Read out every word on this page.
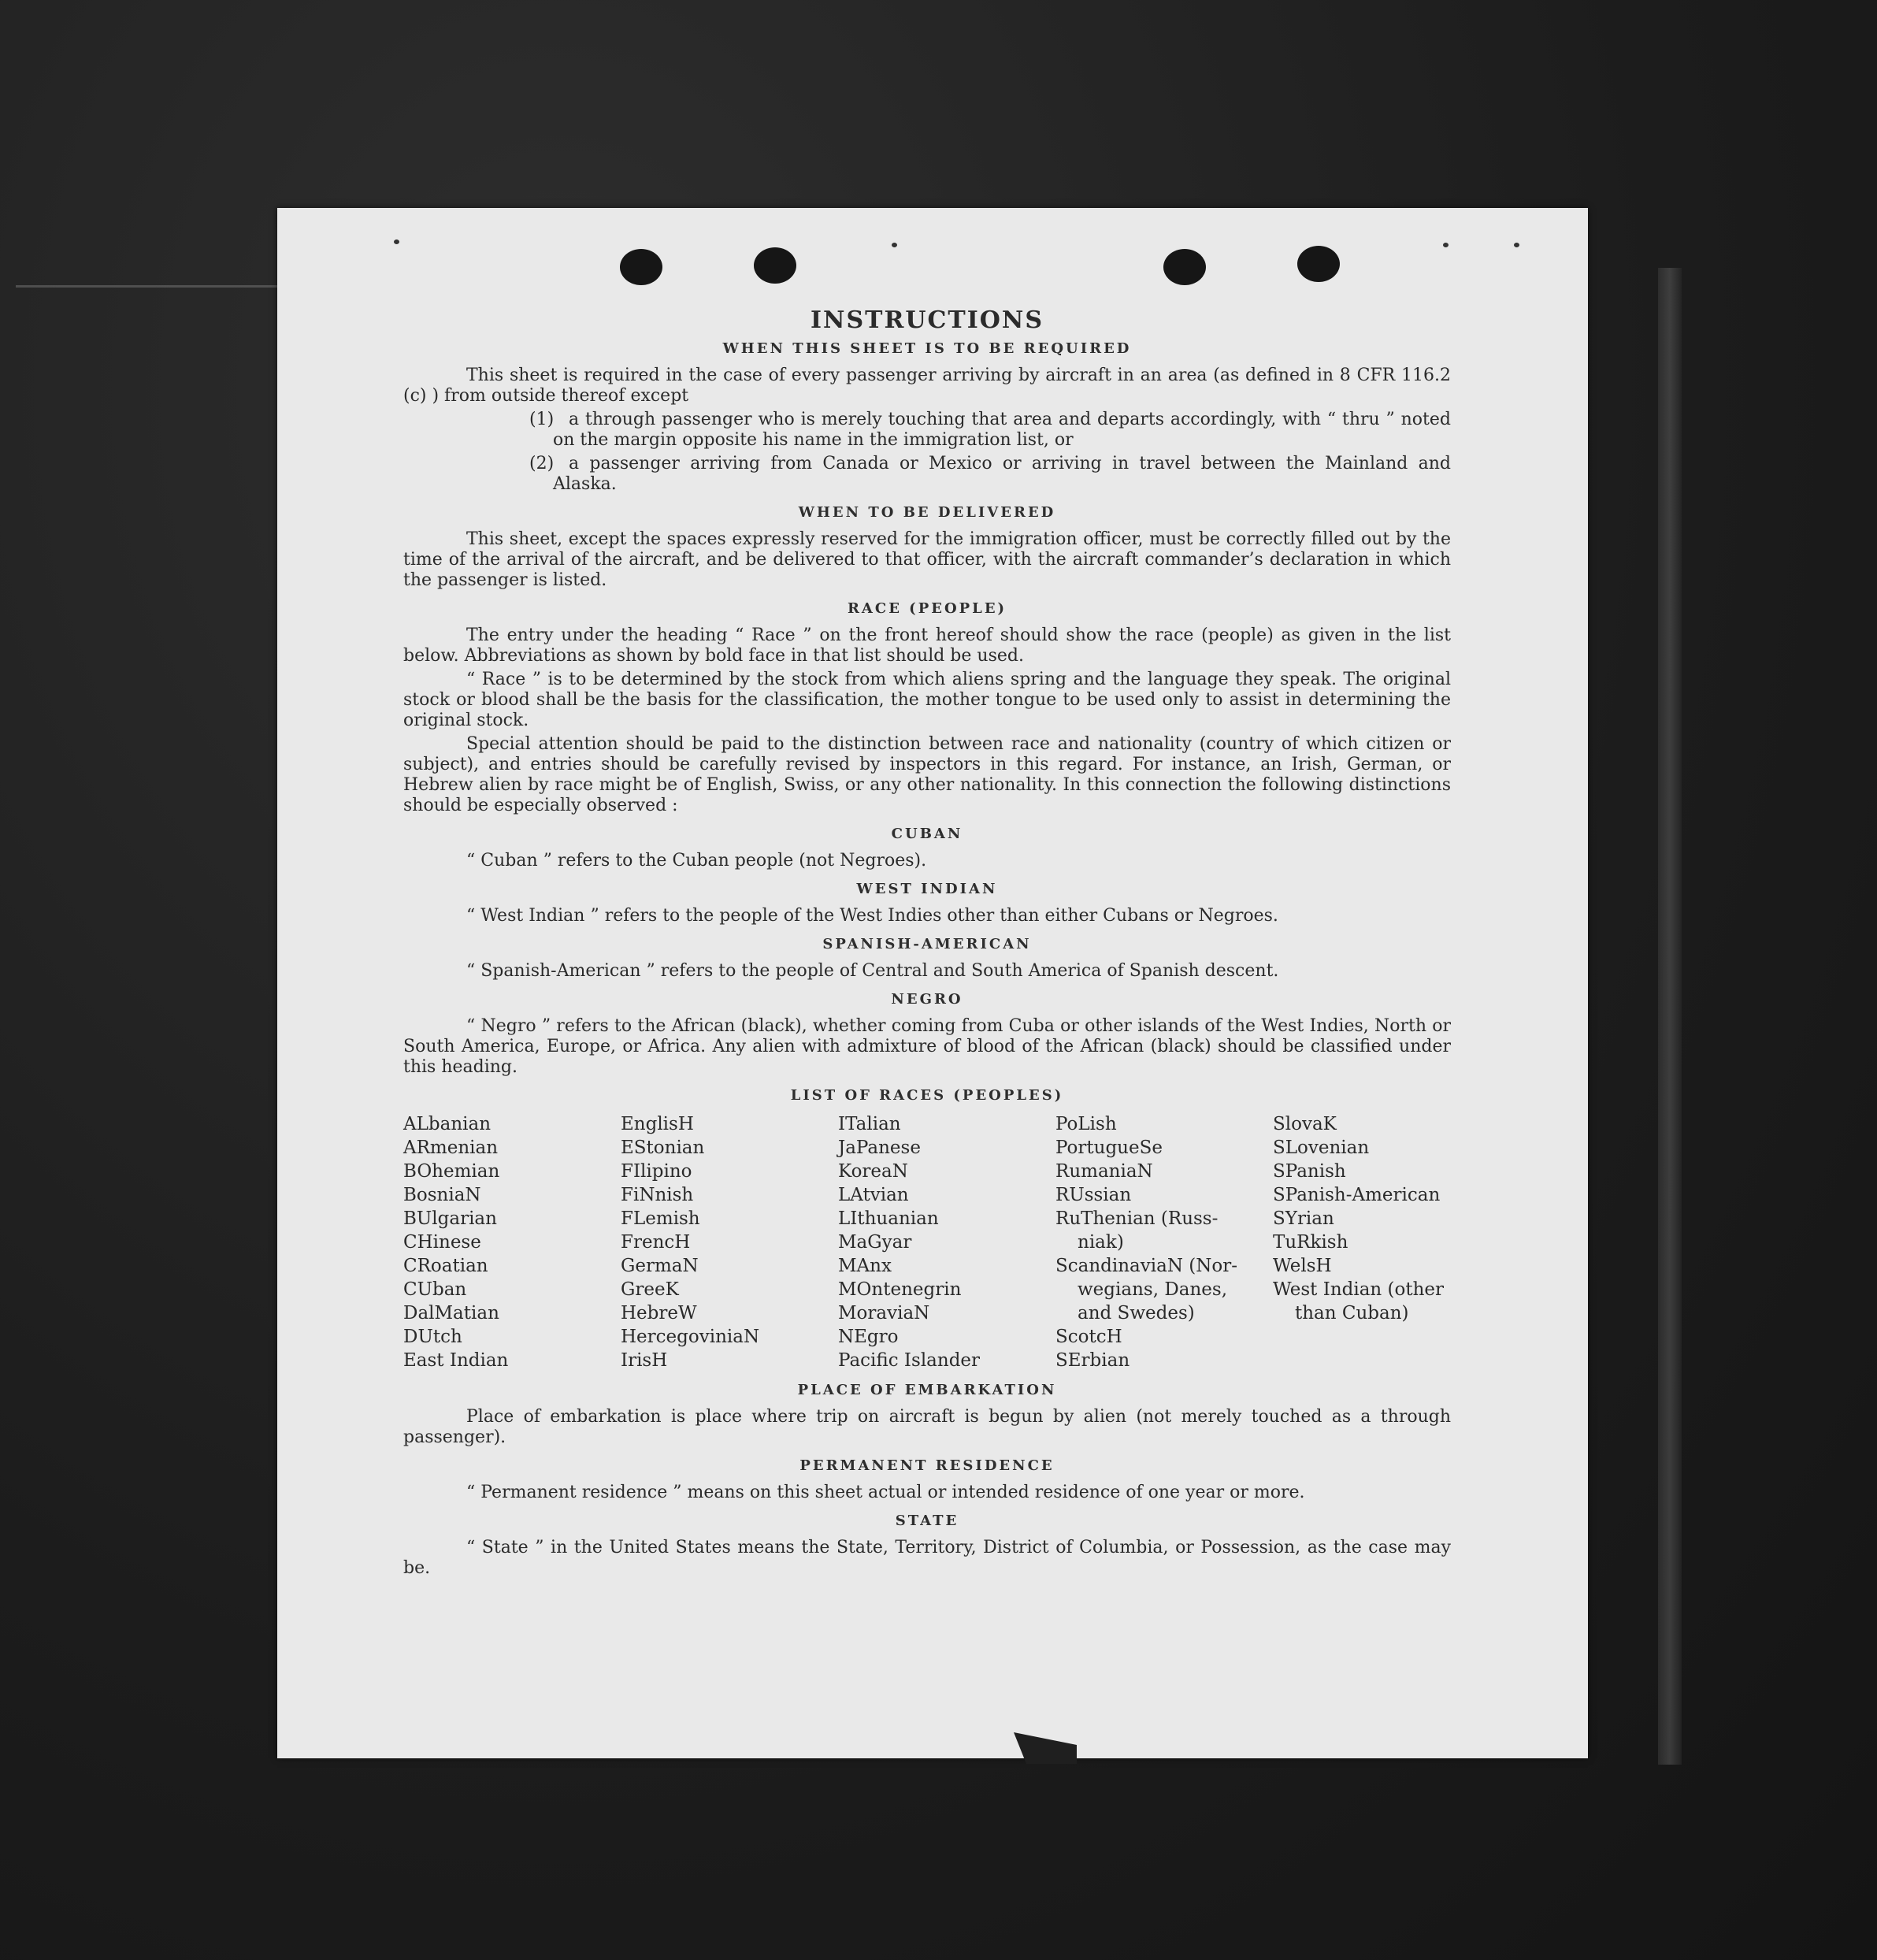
INSTRUCTIONS
WHEN THIS SHEET IS TO BE REQUIRED

This sheet is required in the case of every passenger arriving by aircraft in an area (as defined in 8 CFR 116.2 (c) ) from outside thereof except

(1) a through passenger who is merely touching that area and departs accordingly, with “ thru ” noted on the margin opposite his name in the immigration list, or

(2) a passenger arriving from Canada or Mexico or arriving in travel between the Mainland and Alaska.

WHEN TO BE DELIVERED

This sheet, except the spaces expressly reserved for the immigration officer, must be correctly filled out by the time of the arrival of the aircraft, and be delivered to that officer, with the aircraft commander’s declaration in which the passenger is listed.

RACE (PEOPLE)

The entry under the heading “ Race ” on the front hereof should show the race (people) as given in the list below. Abbreviations as shown by bold face in that list should be used.

“ Race ” is to be determined by the stock from which aliens spring and the language they speak. The original stock or blood shall be the basis for the classification, the mother tongue to be used only to assist in determining the original stock.

Special attention should be paid to the distinction between race and nationality (country of which citizen or subject), and entries should be carefully revised by inspectors in this regard. For instance, an Irish, German, or Hebrew alien by race might be of English, Swiss, or any other nationality. In this connection the following distinctions should be especially observed :

CUBAN

“ Cuban ” refers to the Cuban people (not Negroes).

WEST INDIAN

“ West Indian ” refers to the people of the West Indies other than either Cubans or Negroes.

SPANISH-AMERICAN

“ Spanish-American ” refers to the people of Central and South America of Spanish descent.

NEGRO

“ Negro ” refers to the African (black), whether coming from Cuba or other islands of the West Indies, North or South America, Europe, or Africa. Any alien with admixture of blood of the African (black) should be classified under this heading.

LIST OF RACES (PEOPLES)
ALbanian
ARmenian
BOhemian
BosniaN
BUlgarian
CHinese
CRoatian
CUban
DalMatian
DUtch
East Indian
EnglisH
EStonian
FIlipino
FiNnish
FLemish
FrencH
GermaN
GreeK
HebreW
HercegoviniaN
IrisH
ITalian
JaPanese
KoreaN
LAtvian
LIthuanian
MaGyar
MAnx
MOntenegrin
MoraviaN
NEgro
Pacific Islander
PoLish
PortugueSe
RumaniaN
RUssian
RuThenian (Russ-
niak)
ScandinaviaN (Nor-
wegians, Danes,
and Swedes)
ScotcH
SErbian
SlovaK
SLovenian
SPanish
SPanish-American
SYrian
TuRkish
WelsH
West Indian (other
than Cuban)
PLACE OF EMBARKATION

Place of embarkation is place where trip on aircraft is begun by alien (not merely touched as a through passenger).

PERMANENT RESIDENCE

“ Permanent residence ” means on this sheet actual or intended residence of one year or more.

STATE

“ State ” in the United States means the State, Territory, District of Columbia, or Possession, as the case may be.
